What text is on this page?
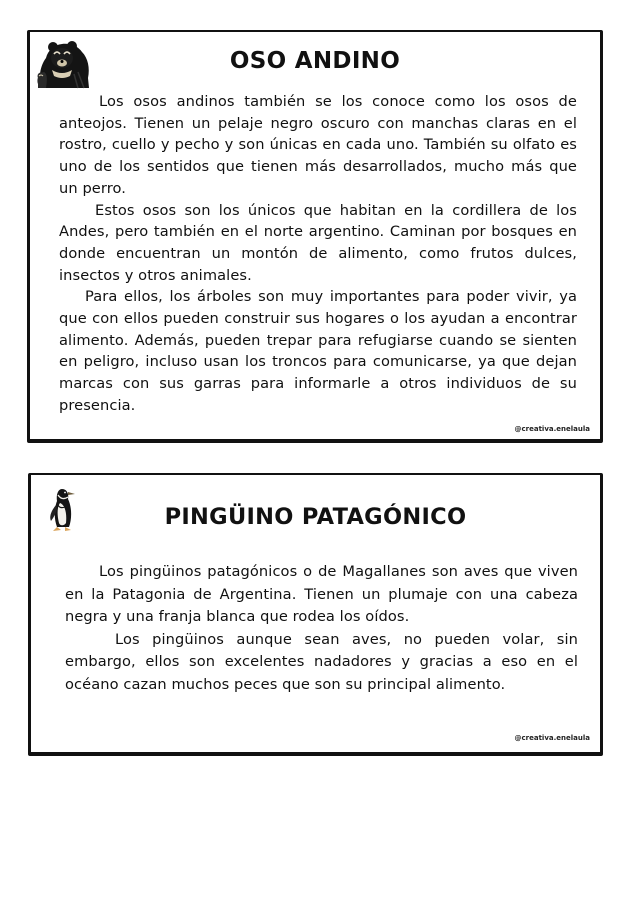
OSO ANDINO

Los osos andinos también se los conoce como los osos de anteojos. Tienen un pelaje negro oscuro con manchas claras en el rostro, cuello y pecho y son únicas en cada uno. También su olfato es uno de los sentidos que tienen más desarrollados, mucho más que un perro.

Estos osos son los únicos que habitan en la cordillera de los Andes, pero también en el norte argentino. Caminan por bosques en donde encuentran un montón de alimento, como frutos dulces, insectos y otros animales.

Para ellos, los árboles son muy importantes para poder vivir, ya que con ellos pueden construir sus hogares o los ayudan a encontrar alimento. Además, pueden trepar para refugiarse cuando se sienten en peligro, incluso usan los troncos para comunicarse, ya que dejan marcas con sus garras para informarle a otros individuos de su presencia.

@creativa.enelaula
PINGÜINO PATAGÓNICO

Los pingüinos patagónicos o de Magallanes son aves que viven en la Patagonia de Argentina. Tienen un plumaje con una cabeza negra y una franja blanca que rodea los oídos.

Los pingüinos aunque sean aves, no pueden volar, sin embargo, ellos son excelentes nadadores y gracias a eso en el océano cazan muchos peces que son su principal alimento.

@creativa.enelaula
